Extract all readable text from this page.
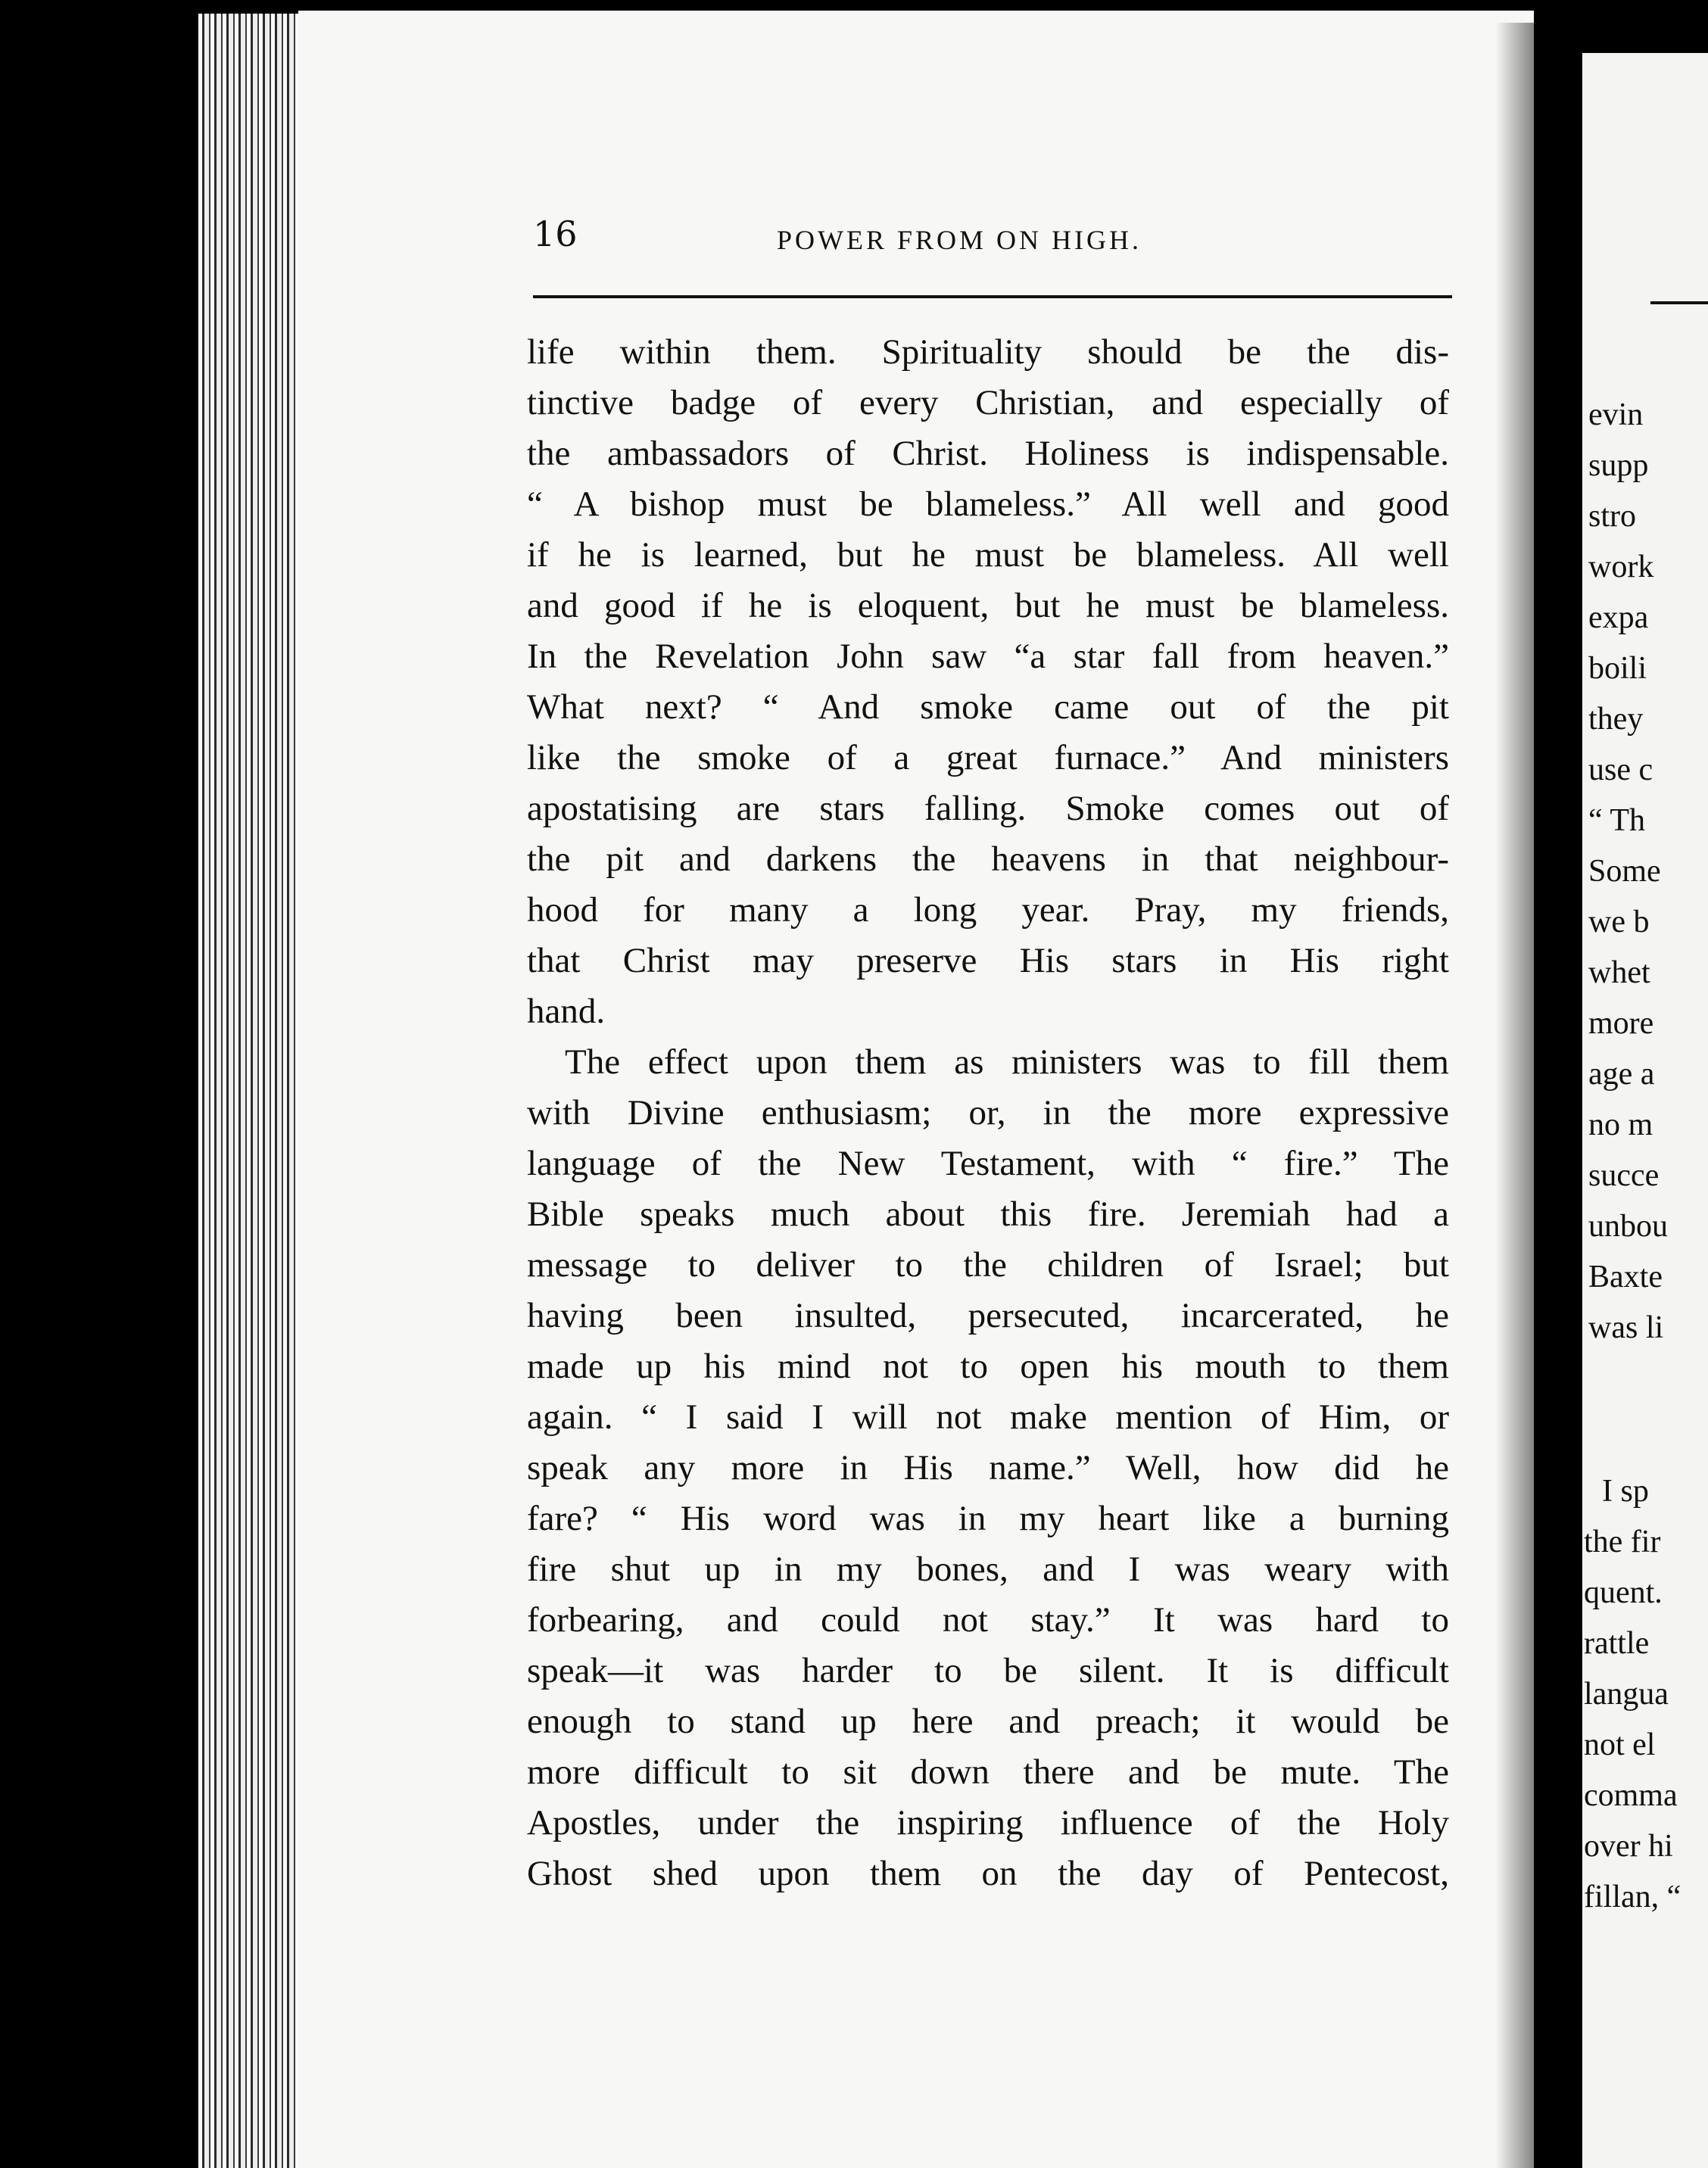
evin
supp
stro
work
expa
boili
they
use c
“ Th
Some
we b
whet
more
age a
no m
succe
unbou
Baxte
was li
I sp
the fir
quent.
rattle
langua
not el
comma
over hi
fillan, “
16	POWER FROM ON HIGH.
life within them. Spirituality should be the dis-
tinctive badge of every Christian, and especially of
the ambassadors of Christ. Holiness is indispensable.
“ A bishop must be blameless.” All well and good
if he is learned, but he must be blameless. All well
and good if he is eloquent, but he must be blameless.
In the Revelation John saw “a star fall from heaven.”
What next? “ And smoke came out of the pit
like the smoke of a great furnace.” And ministers
apostatising are stars falling. Smoke comes out of
the pit and darkens the heavens in that neighbour-
hood for many a long year. Pray, my friends,
that Christ may preserve His stars in His right
hand.
The effect upon them as ministers was to fill them
with Divine enthusiasm; or, in the more expressive
language of the New Testament, with “ fire.” The
Bible speaks much about this fire. Jeremiah had a
message to deliver to the children of Israel; but
having been insulted, persecuted, incarcerated, he
made up his mind not to open his mouth to them
again. “ I said I will not make mention of Him, or
speak any more in His name.” Well, how did he
fare? “ His word was in my heart like a burning
fire shut up in my bones, and I was weary with
forbearing, and could not stay.” It was hard to
speak—it was harder to be silent. It is difficult
enough to stand up here and preach; it would be
more difficult to sit down there and be mute. The
Apostles, under the inspiring influence of the Holy
Ghost shed upon them on the day of Pentecost,
